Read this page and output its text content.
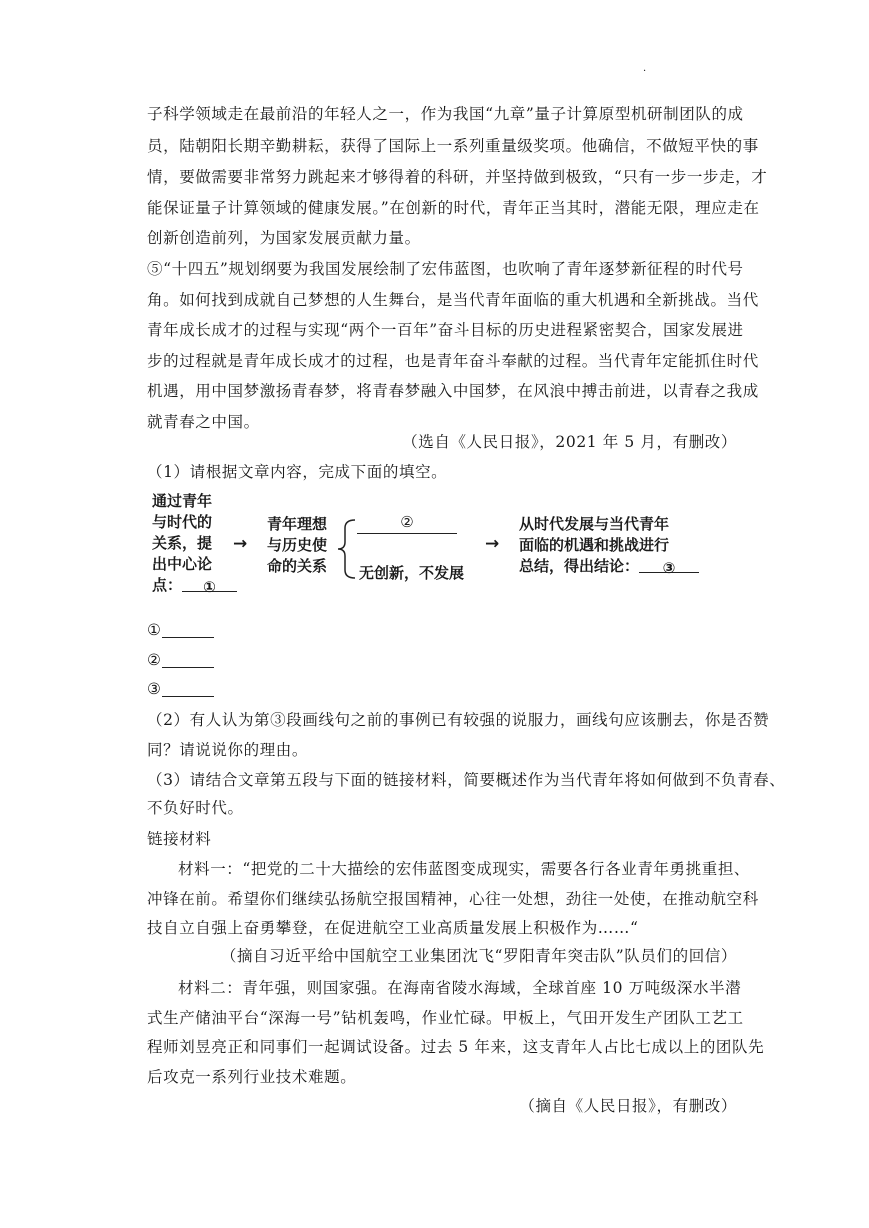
·
子科学领域走在最前沿的年轻人之一，作为我国“九章”量子计算原型机研制团队的成
员，陆朝阳长期辛勤耕耘，获得了国际上一系列重量级奖项。他确信，不做短平快的事
情，要做需要非常努力跳起来才够得着的科研，并坚持做到极致，“只有一步一步走，才
能保证量子计算领域的健康发展。”在创新的时代，青年正当其时，潜能无限，理应走在
创新创造前列，为国家发展贡献力量。
⑤“十四五”规划纲要为我国发展绘制了宏伟蓝图，也吹响了青年逐梦新征程的时代号
角。如何找到成就自己梦想的人生舞台，是当代青年面临的重大机遇和全新挑战。当代
青年成长成才的过程与实现“两个一百年”奋斗目标的历史进程紧密契合，国家发展进
步的过程就是青年成长成才的过程，也是青年奋斗奉献的过程。当代青年定能抓住时代
机遇，用中国梦激扬青春梦，将青春梦融入中国梦，在风浪中搏击前进，以青春之我成
就青春之中国。
（选自《人民日报》，2021 年 5 月，有删改）
（1）请根据文章内容，完成下面的填空。
通过青年
与时代的
关系，提
出中心论
点： ①
→
青年理想
与历史使
命的关系
②
无创新，不发展
→
从时代发展与当代青年
面临的机遇和挑战进行
总结，得出结论： ③
①
②
③
（2）有人认为第③段画线句之前的事例已有较强的说服力，画线句应该删去，你是否赞
同？请说说你的理由。
（3）请结合文章第五段与下面的链接材料，简要概述作为当代青年将如何做到不负青春、
不负好时代。
链接材料
材料一：“把党的二十大描绘的宏伟蓝图变成现实，需要各行各业青年勇挑重担、
冲锋在前。希望你们继续弘扬航空报国精神，心往一处想，劲往一处使，在推动航空科
技自立自强上奋勇攀登，在促进航空工业高质量发展上积极作为……“
（摘自习近平给中国航空工业集团沈飞“罗阳青年突击队”队员们的回信）
材料二：青年强，则国家强。在海南省陵水海域，全球首座 10 万吨级深水半潜
式生产储油平台“深海一号”钻机轰鸣，作业忙碌。甲板上，气田开发生产团队工艺工
程师刘昱亮正和同事们一起调试设备。过去 5 年来，这支青年人占比七成以上的团队先
后攻克一系列行业技术难题。
（摘自《人民日报》，有删改）
